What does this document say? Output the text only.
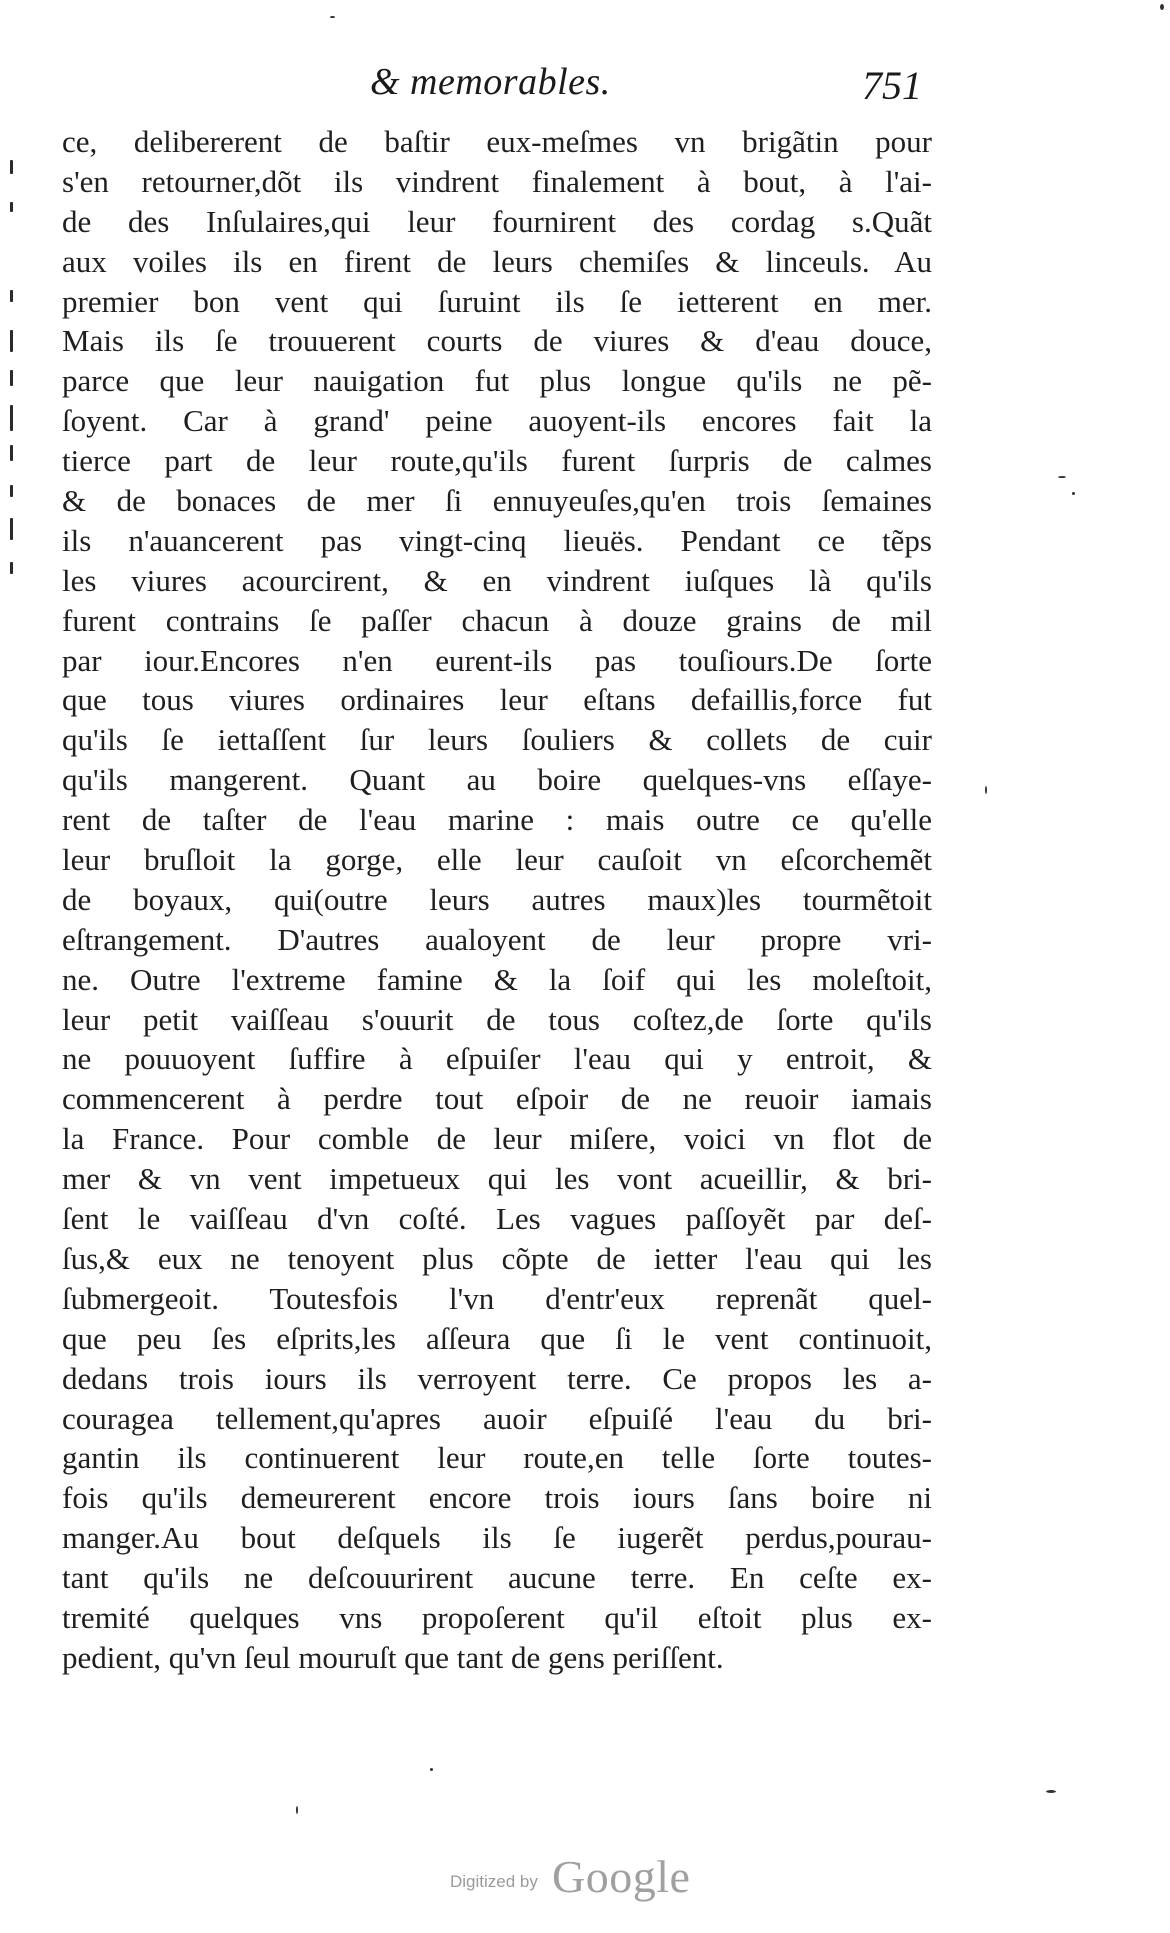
& memorables.	751
ce, delibererent de baſtir eux-meſmes vn brigãtin pour
s'en retourner,dõt ils vindrent finalement à bout, à l'ai-
de des Inſulaires,qui leur fournirent des cordag s.Quãt
aux voiles ils en firent de leurs chemiſes & linceuls. Au
premier bon vent qui ſuruint ils ſe ietterent en mer.
Mais ils ſe trouuerent courts de viures & d'eau douce,
parce que leur nauigation fut plus longue qu'ils ne pẽ-
ſoyent. Car à grand' peine auoyent-ils encores fait la
tierce part de leur route,qu'ils furent ſurpris de calmes
& de bonaces de mer ſi ennuyeuſes,qu'en trois ſemaines
ils n'auancerent pas vingt-cinq lieuës. Pendant ce tẽps
les viures acourcirent, & en vindrent iuſques là qu'ils
furent contrains ſe paſſer chacun à douze grains de mil
par iour.Encores n'en eurent-ils pas touſiours.De ſorte
que tous viures ordinaires leur eſtans defaillis,force fut
qu'ils ſe iettaſſent ſur leurs ſouliers & collets de cuir
qu'ils mangerent. Quant au boire quelques-vns eſſaye-
rent de taſter de l'eau marine : mais outre ce qu'elle
leur bruſloit la gorge, elle leur cauſoit vn eſcorchemẽt
de boyaux, qui(outre leurs autres maux)les tourmẽtoit
eſtrangement. D'autres aualoyent de leur propre vri-
ne. Outre l'extreme famine & la ſoif qui les moleſtoit,
leur petit vaiſſeau s'ouurit de tous coſtez,de ſorte qu'ils
ne pouuoyent ſuffire à eſpuiſer l'eau qui y entroit, &
commencerent à perdre tout eſpoir de ne reuoir iamais
la France. Pour comble de leur miſere, voici vn flot de
mer & vn vent impetueux qui les vont acueillir, & bri-
ſent le vaiſſeau d'vn coſté. Les vagues paſſoyẽt par deſ-
ſus,& eux ne tenoyent plus cõpte de ietter l'eau qui les
ſubmergeoit. Toutesfois l'vn d'entr'eux reprenãt quel-
que peu ſes eſprits,les aſſeura que ſi le vent continuoit,
dedans trois iours ils verroyent terre. Ce propos les a-
couragea tellement,qu'apres auoir eſpuiſé l'eau du bri-
gantin ils continuerent leur route,en telle ſorte toutes-
fois qu'ils demeurerent encore trois iours ſans boire ni
manger.Au bout deſquels ils ſe iugerẽt perdus,pourau-
tant qu'ils ne deſcouurirent aucune terre. En ceſte ex-
tremité quelques vns propoſerent qu'il eſtoit plus ex-
pedient, qu'vn ſeul mouruſt que tant de gens periſſent.
Digitized by Google
